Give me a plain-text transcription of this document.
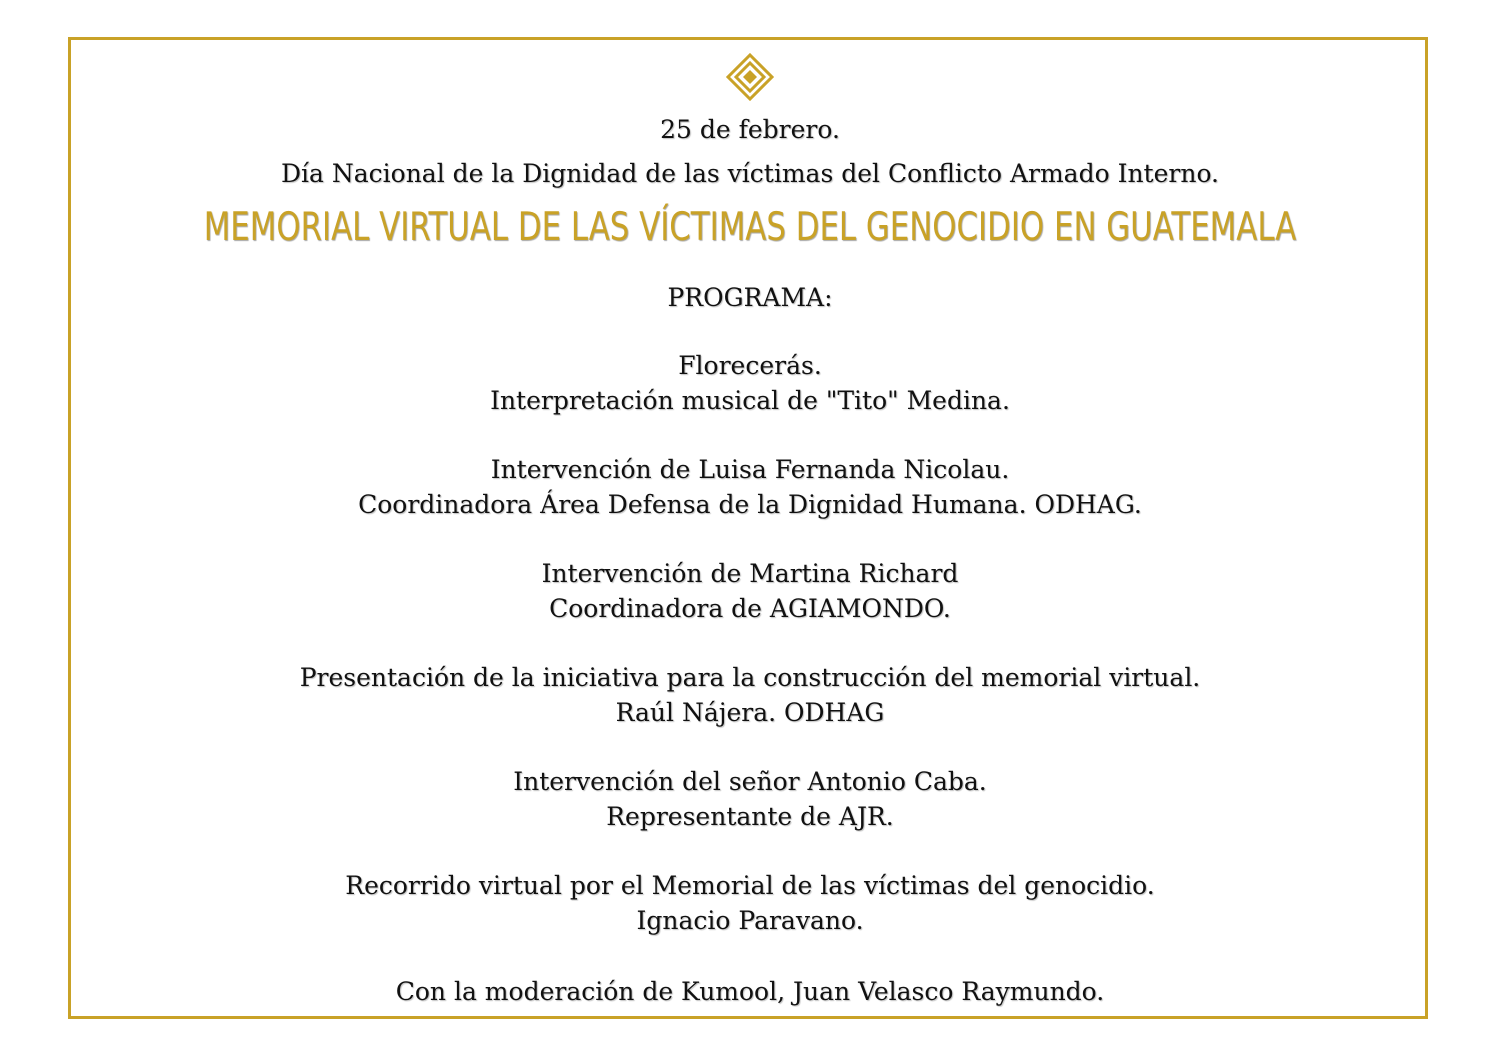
25 de febrero.
Día Nacional de la Dignidad de las víctimas del Conflicto Armado Interno.
MEMORIAL VIRTUAL DE LAS VÍCTIMAS DEL GENOCIDIO EN GUATEMALA
PROGRAMA:
Florecerás.
Interpretación musical de "Tito" Medina.
Intervención de Luisa Fernanda Nicolau.
Coordinadora Área Defensa de la Dignidad Humana. ODHAG.
Intervención de Martina Richard
Coordinadora de AGIAMONDO.
Presentación de la iniciativa para la construcción del memorial virtual.
Raúl Nájera. ODHAG
Intervención del señor Antonio Caba.
Representante de AJR.
Recorrido virtual por el Memorial de las víctimas del genocidio.
Ignacio Paravano.
Con la moderación de Kumool, Juan Velasco Raymundo.
